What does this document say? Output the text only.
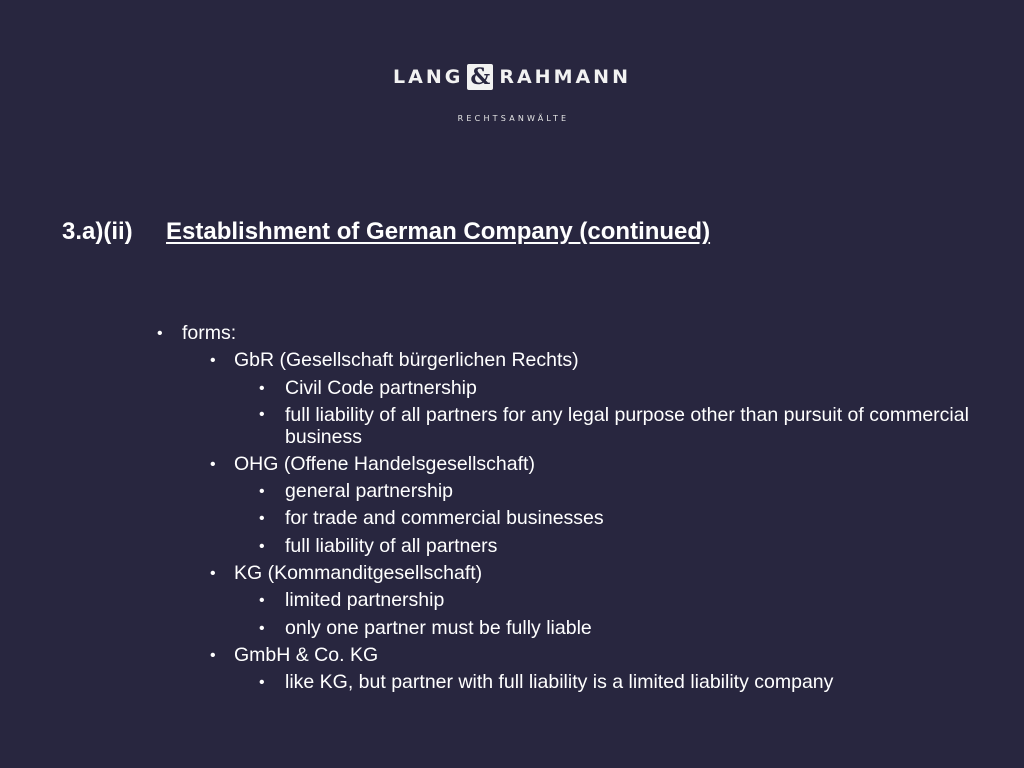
LANG & RAHMANN
RECHTSANWÄLTE
3.a)(ii) Establishment of German Company (continued)
• forms:
• GbR (Gesellschaft bürgerlichen Rechts)
• Civil Code partnership
• full liability of all partners for any legal purpose other than pursuit of commercial business
• OHG (Offene Handelsgesellschaft)
• general partnership
• for trade and commercial businesses
• full liability of all partners
• KG (Kommanditgesellschaft)
• limited partnership
• only one partner must be fully liable
• GmbH & Co. KG
• like KG, but partner with full liability is a limited liability company
